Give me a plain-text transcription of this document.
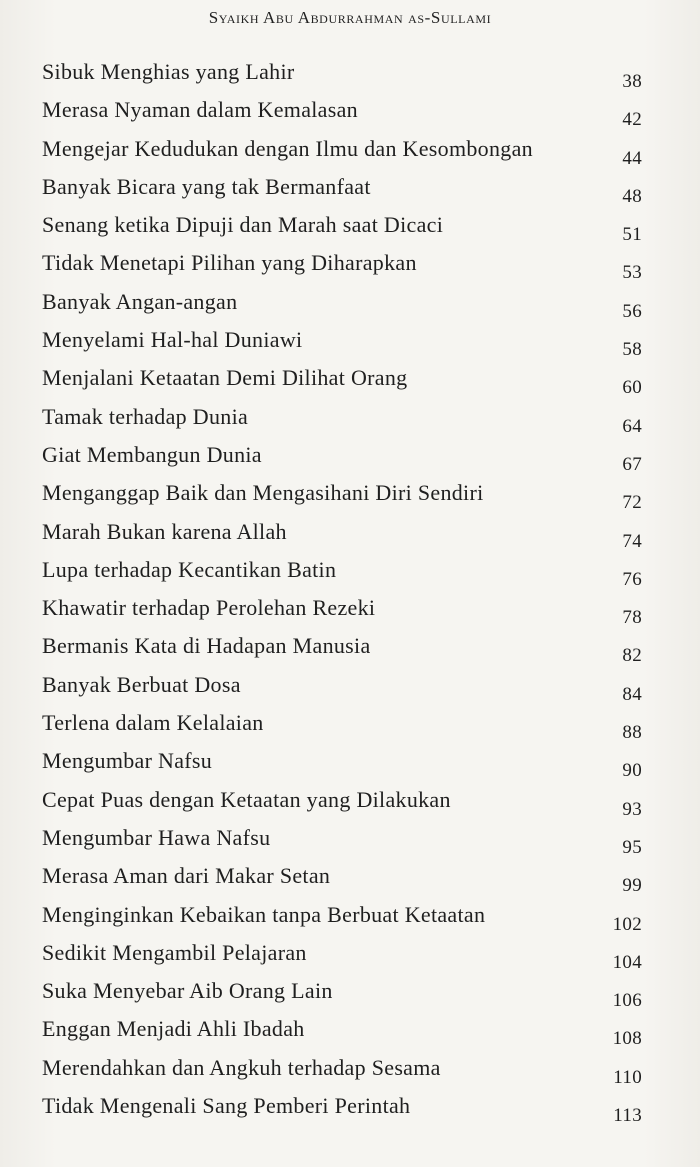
Syaikh Abu Abdurrahman as-Sullami
Sibuk Menghias yang Lahir	38
Merasa Nyaman dalam Kemalasan	42
Mengejar Kedudukan dengan Ilmu dan Kesombongan	44
Banyak Bicara yang tak Bermanfaat	48
Senang ketika Dipuji dan Marah saat Dicaci	51
Tidak Menetapi Pilihan yang Diharapkan	53
Banyak Angan-angan	56
Menyelami Hal-hal Duniawi	58
Menjalani Ketaatan Demi Dilihat Orang	60
Tamak terhadap Dunia	64
Giat Membangun Dunia	67
Menganggap Baik dan Mengasihani Diri Sendiri	72
Marah Bukan karena Allah	74
Lupa terhadap Kecantikan Batin	76
Khawatir terhadap Perolehan Rezeki	78
Bermanis Kata di Hadapan Manusia	82
Banyak Berbuat Dosa	84
Terlena dalam Kelalaian	88
Mengumbar Nafsu	90
Cepat Puas dengan Ketaatan yang Dilakukan	93
Mengumbar Hawa Nafsu	95
Merasa Aman dari Makar Setan	99
Menginginkan Kebaikan tanpa Berbuat Ketaatan	102
Sedikit Mengambil Pelajaran	104
Suka Menyebar Aib Orang Lain	106
Enggan Menjadi Ahli Ibadah	108
Merendahkan dan Angkuh terhadap Sesama	110
Tidak Mengenali Sang Pemberi Perintah	113
